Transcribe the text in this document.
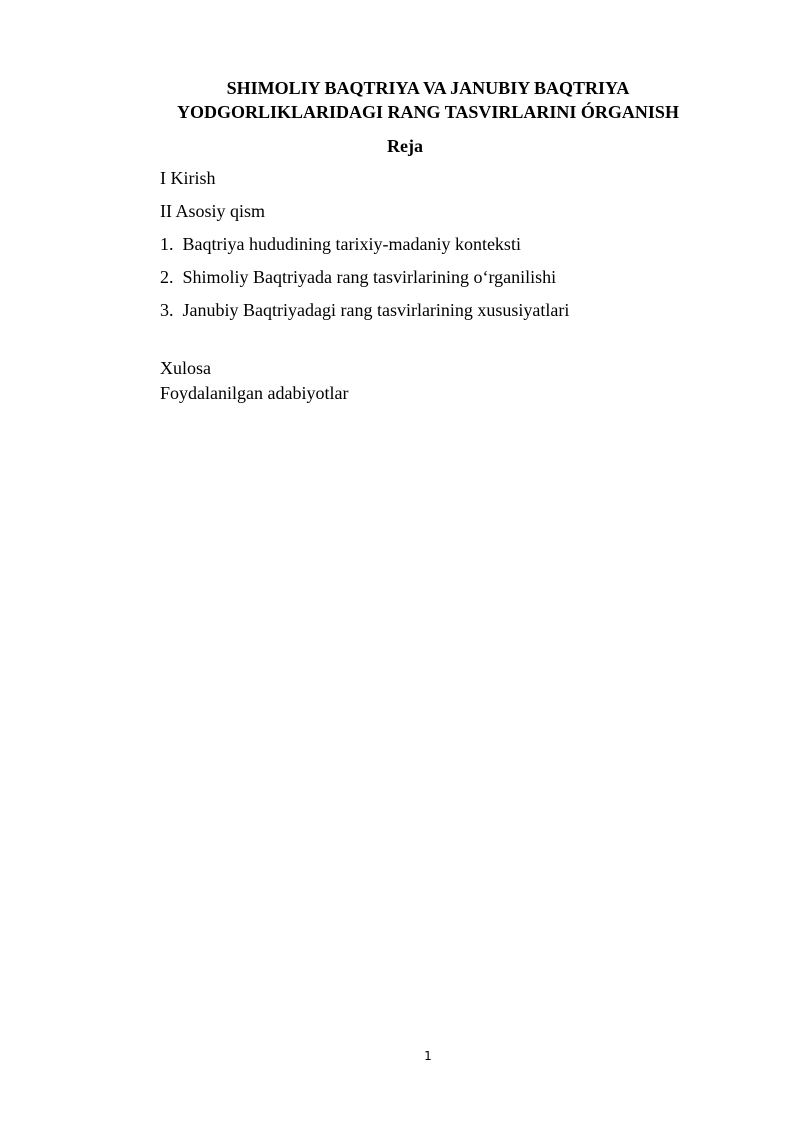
SHIMOLIY BAQTRIYA VA JANUBIY BAQTRIYA
YODGORLIKLARIDAGI RANG TASVIRLARINI ÓRGANISH
Reja
I Kirish
II Asosiy qism
1. Baqtriya hududining tarixiy-madaniy konteksti
2. Shimoliy Baqtriyada rang tasvirlarining o‘rganilishi
3. Janubiy Baqtriyadagi rang tasvirlarining xususiyatlari
Xulosa
Foydalanilgan adabiyotlar
1
